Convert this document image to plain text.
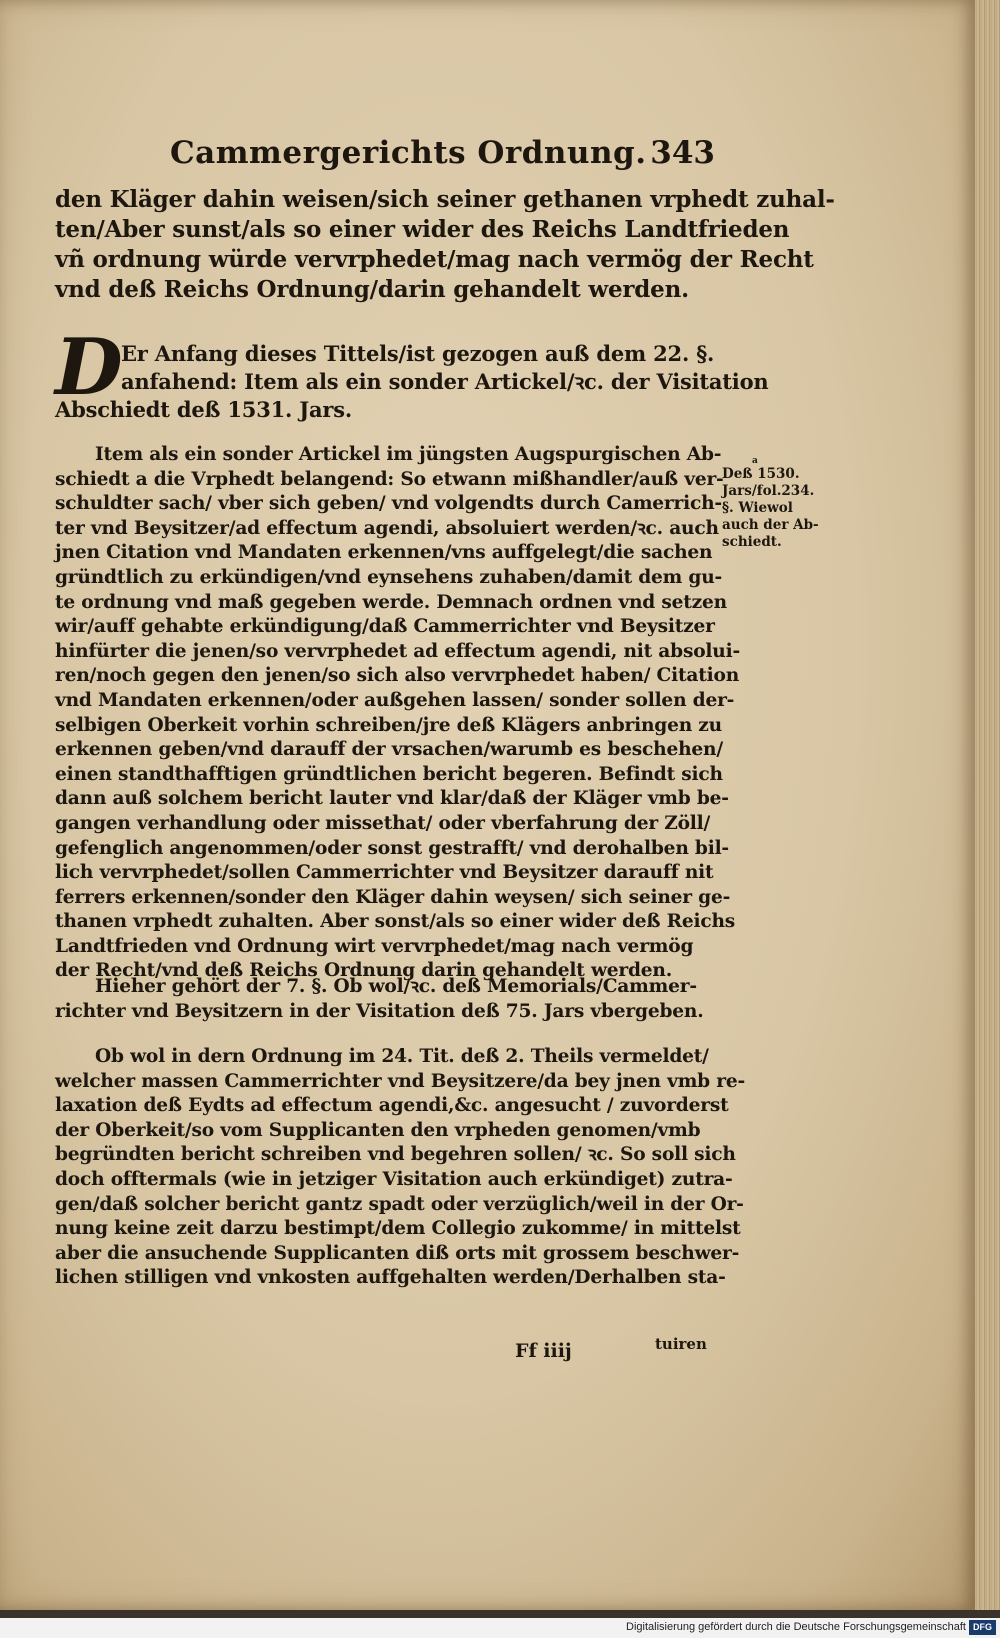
Cammergerichts Ordnung. 343
den Kläger dahin weisen/sich seiner gethanen vrphedt zuhal-
ten/Aber sunst/als so einer wider des Reichs Landtfrieden
vñ ordnung würde vervrphedet/mag nach vermög der Recht
vnd deß Reichs Ordnung/darin gehandelt werden.
D
Er Anfang dieses Tittels/ist gezogen auß dem 22. §.
anfahend: Item als ein sonder Artickel/ꝛc. der Visitation
Abschiedt deß 1531. Jars.
Item als ein sonder Artickel im jüngsten Augspurgischen Ab-
schiedt a die Vrphedt belangend: So etwann mißhandler/auß ver-
schuldter sach/ vber sich geben/ vnd volgendts durch Camerrich-
ter vnd Beysitzer/ad effectum agendi, absoluiert werden/ꝛc. auch
jnen Citation vnd Mandaten erkennen/vns auffgelegt/die sachen
gründtlich zu erkündigen/vnd eynsehens zuhaben/damit dem gu-
te ordnung vnd maß gegeben werde. Demnach ordnen vnd setzen
wir/auff gehabte erkündigung/daß Cammerrichter vnd Beysitzer
hinfürter die jenen/so vervrphedet ad effectum agendi, nit absolui-
ren/noch gegen den jenen/so sich also vervrphedet haben/ Citation
vnd Mandaten erkennen/oder außgehen lassen/ sonder sollen der-
selbigen Oberkeit vorhin schreiben/jre deß Klägers anbringen zu
erkennen geben/vnd darauff der vrsachen/warumb es beschehen/
einen standthafftigen gründtlichen bericht begeren. Befindt sich
dann auß solchem bericht lauter vnd klar/daß der Kläger vmb be-
gangen verhandlung oder missethat/ oder vberfahrung der Zöll/
gefenglich angenommen/oder sonst gestrafft/ vnd derohalben bil-
lich vervrphedet/sollen Cammerrichter vnd Beysitzer darauff nit
ferrers erkennen/sonder den Kläger dahin weysen/ sich seiner ge-
thanen vrphedt zuhalten. Aber sonst/als so einer wider deß Reichs
Landtfrieden vnd Ordnung wirt vervrphedet/mag nach vermög
der Recht/vnd deß Reichs Ordnung darin gehandelt werden.
a
Deß 1530.
Jars/fol.234.
§. Wiewol
auch der Ab-
schiedt.
Hieher gehört der 7. §. Ob wol/ꝛc. deß Memorials/Cammer-
richter vnd Beysitzern in der Visitation deß 75. Jars vbergeben.
Ob wol in dern Ordnung im 24. Tit. deß 2. Theils vermeldet/
welcher massen Cammerrichter vnd Beysitzere/da bey jnen vmb re-
laxation deß Eydts ad effectum agendi,&c. angesucht / zuvorderst
der Oberkeit/so vom Supplicanten den vrpheden genomen/vmb
begründten bericht schreiben vnd begehren sollen/ ꝛc. So soll sich
doch offtermals (wie in jetziger Visitation auch erkündiget) zutra-
gen/daß solcher bericht gantz spadt oder verzüglich/weil in der Or-
nung keine zeit darzu bestimpt/dem Collegio zukomme/ in mittelst
aber die ansuchende Supplicanten diß orts mit grossem beschwer-
lichen stilligen vnd vnkosten auffgehalten werden/Derhalben sta-
Ff iiij	tuiren
Digitalisierung gefördert durch die Deutsche Forschungsgemeinschaft DFG
